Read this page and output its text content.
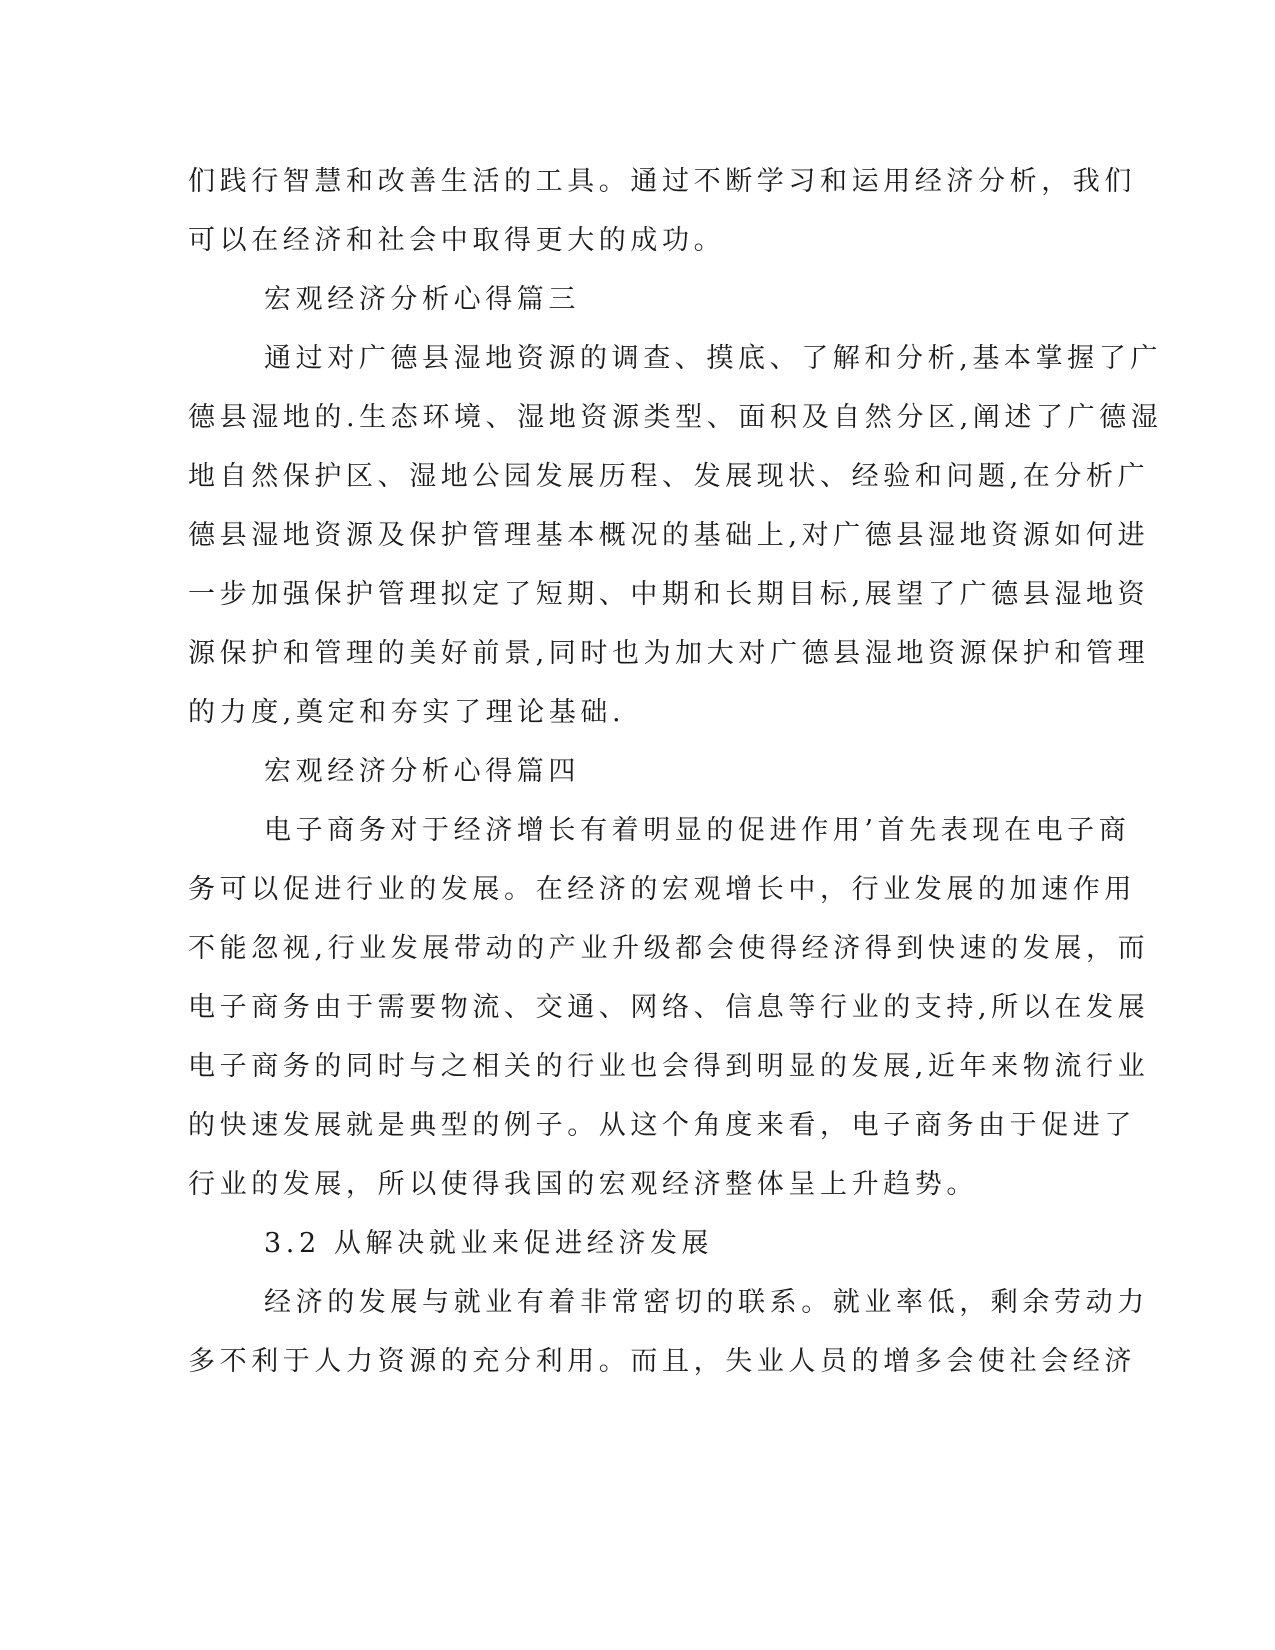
们践行智慧和改善生活的工具。通过不断学习和运用经济分析，我们
可以在经济和社会中取得更大的成功。
宏观经济分析心得篇三
通过对广德县湿地资源的调查、摸底、了解和分析,基本掌握了广
德县湿地的.生态环境、湿地资源类型、面积及自然分区,阐述了广德湿
地自然保护区、湿地公园发展历程、发展现状、经验和问题,在分析广
德县湿地资源及保护管理基本概况的基础上,对广德县湿地资源如何进
一步加强保护管理拟定了短期、中期和长期目标,展望了广德县湿地资
源保护和管理的美好前景,同时也为加大对广德县湿地资源保护和管理
的力度,奠定和夯实了理论基础.
宏观经济分析心得篇四
电子商务对于经济增长有着明显的促进作用’首先表现在电子商
务可以促进行业的发展。在经济的宏观增长中，行业发展的加速作用
不能忽视,行业发展带动的产业升级都会使得经济得到快速的发展，而
电子商务由于需要物流、交通、网络、信息等行业的支持,所以在发展
电子商务的同时与之相关的行业也会得到明显的发展,近年来物流行业
的快速发展就是典型的例子。从这个角度来看，电子商务由于促进了
行业的发展，所以使得我国的宏观经济整体呈上升趋势。
3.2 从解决就业来促进经济发展
经济的发展与就业有着非常密切的联系。就业率低，剩余劳动力
多不利于人力资源的充分利用。而且，失业人员的增多会使社会经济
